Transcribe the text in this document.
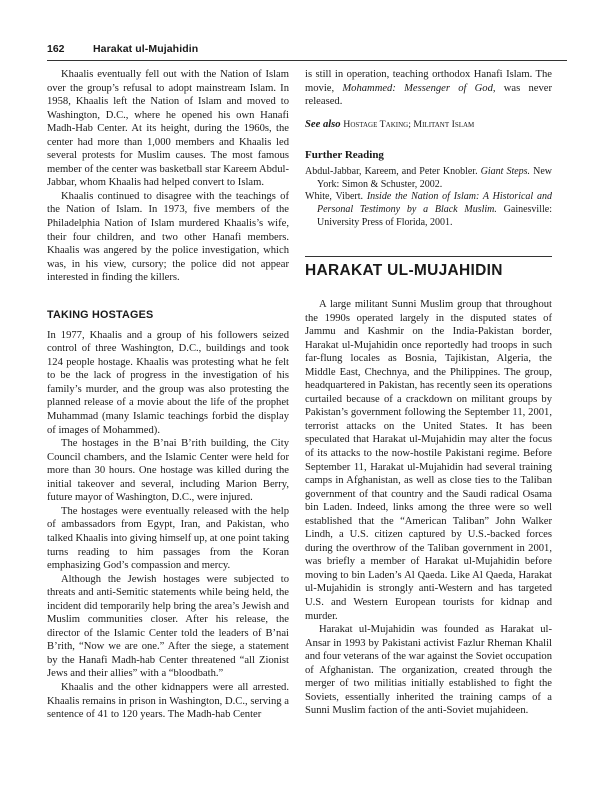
162	Harakat ul-Mujahidin

Khaalis eventually fell out with the Nation of Islam over the group’s refusal to adopt mainstream Islam. In 1958, Khaalis left the Nation of Islam and moved to Washington, D.C., where he opened his own Hanafi Madh-Hab Center. At its height, during the 1960s, the center had more than 1,000 members and Khaalis led several protests for Muslim causes. The most famous member of the center was basketball star Kareem Abdul-Jabbar, whom Khaalis had helped convert to Islam.

Khaalis continued to disagree with the teachings of the Nation of Islam. In 1973, five members of the Philadelphia Nation of Islam murdered Khaalis’s wife, their four children, and two other Hanafi members. Khaalis was angered by the police investigation, which was, in his view, cursory; the police did not appear interested in finding the killers.

TAKING HOSTAGES

In 1977, Khaalis and a group of his followers seized control of three Washington, D.C., buildings and took 124 people hostage. Khaalis was protesting what he felt to be the lack of progress in the investigation of his family’s murder, and the group was also protesting the planned release of a movie about the life of the prophet Muhammad (many Islamic teachings forbid the display of images of Mohammed).

The hostages in the B’nai B’rith building, the City Council chambers, and the Islamic Center were held for more than 30 hours. One hostage was killed during the initial takeover and several, including Marion Berry, future mayor of Washington, D.C., were injured.

The hostages were eventually released with the help of ambassadors from Egypt, Iran, and Pakistan, who talked Khaalis into giving himself up, at one point taking turns reading to him passages from the Koran emphasizing God’s compassion and mercy.

Although the Jewish hostages were subjected to threats and anti-Semitic statements while being held, the incident did temporarily help bring the area’s Jewish and Muslim communities closer. After his release, the director of the Islamic Center told the leaders of B’nai B’rith, “Now we are one.” After the siege, a statement by the Hanafi Madh-hab Center threatened “all Zionist Jews and their allies” with a “bloodbath.”

Khaalis and the other kidnappers were all arrested. Khaalis remains in prison in Washington, D.C., serving a sentence of 41 to 120 years. The Madh-hab Center

is still in operation, teaching orthodox Hanafi Islam. The movie, Mohammed: Messenger of God, was never released.

See also Hostage Taking; Militant Islam

Further Reading

Abdul-Jabbar, Kareem, and Peter Knobler. Giant Steps. New York: Simon & Schuster, 2002.

White, Vibert. Inside the Nation of Islam: A Historical and Personal Testimony by a Black Muslim. Gainesville: University Press of Florida, 2001.

HARAKAT UL-MUJAHIDIN

A large militant Sunni Muslim group that throughout the 1990s operated largely in the disputed states of Jammu and Kashmir on the India-Pakistan border, Harakat ul-Mujahidin once reportedly had troops in such far-flung locales as Bosnia, Tajikistan, Algeria, the Middle East, Chechnya, and the Philippines. The group, headquartered in Pakistan, has recently seen its operations curtailed because of a crackdown on militant groups by Pakistan’s government following the September 11, 2001, terrorist attacks on the United States. It has been speculated that Harakat ul-Mujahidin may alter the focus of its attacks to the now-hostile Pakistani regime. Before September 11, Harakat ul-Mujahidin had several training camps in Afghanistan, as well as close ties to the Taliban government of that country and the Saudi radical Osama bin Laden. Indeed, links among the three were so well established that the “American Taliban” John Walker Lindh, a U.S. citizen captured by U.S.-backed forces during the overthrow of the Taliban government in 2001, was briefly a member of Harakat ul-Mujahidin before moving to bin Laden’s Al Qaeda. Like Al Qaeda, Harakat ul-Mujahidin is strongly anti-Western and has targeted U.S. and Western European tourists for kidnap and murder.

Harakat ul-Mujahidin was founded as Harakat ul-Ansar in 1993 by Pakistani activist Fazlur Rheman Khalil and four veterans of the war against the Soviet occupation of Afghanistan. The organization, created through the merger of two militias initially established to fight the Soviets, essentially inherited the training camps of a Sunni Muslim faction of the anti-Soviet mujahideen.
